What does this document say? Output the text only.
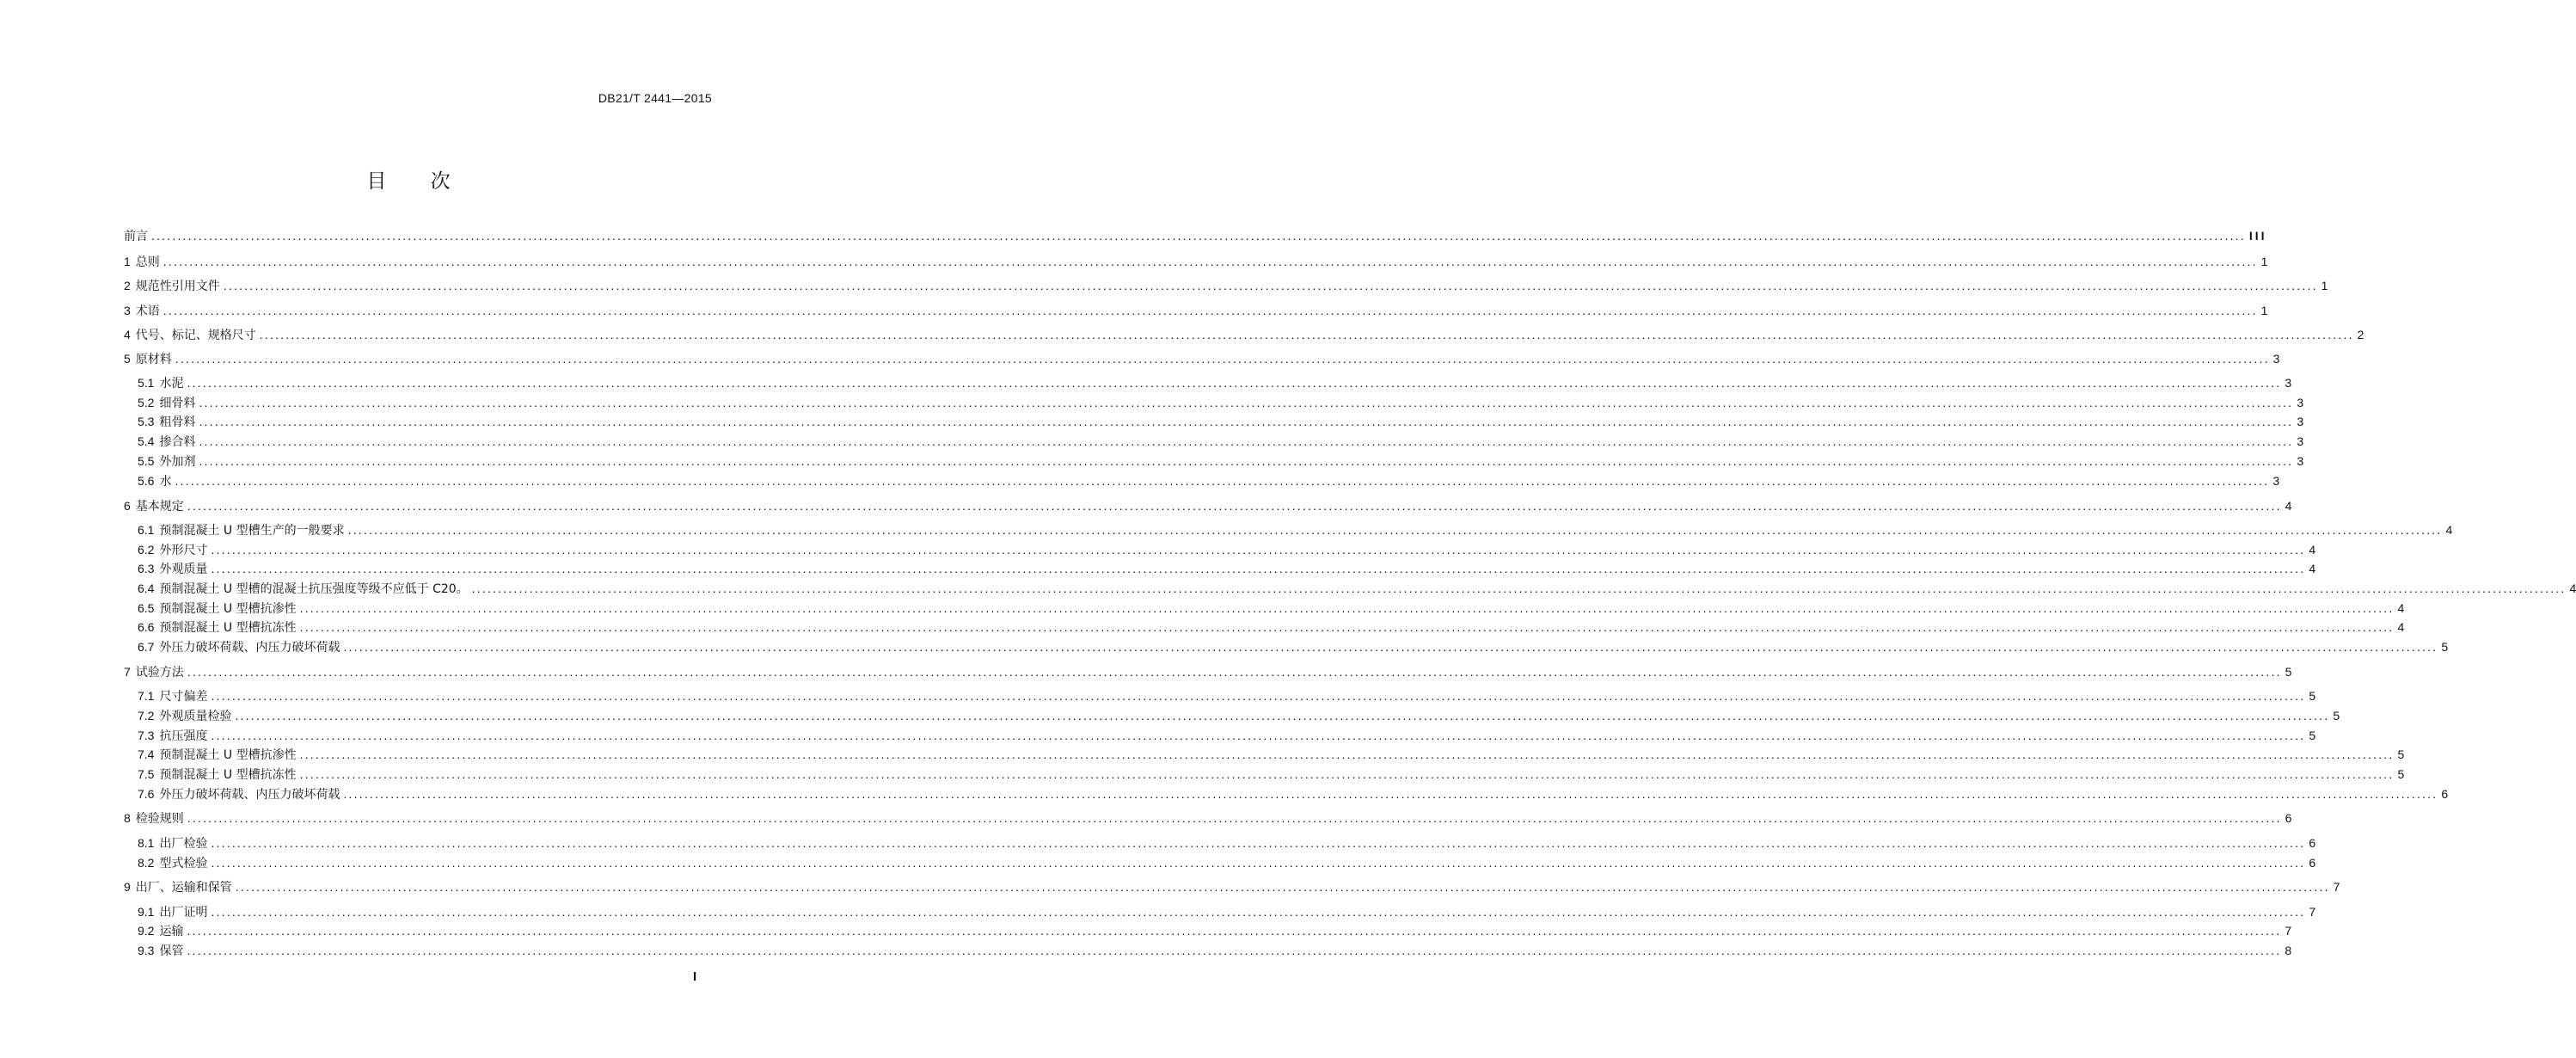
DB21/T 2441—2015
目 次
前言 ................................................................................................................................................................................................................................................................................................................................................................................................................ III
1 总则 ................................................................................................................................................................................................................................................................................................................................................................................................................ 1
2 规范性引用文件 ................................................................................................................................................................................................................................................................................................................................................................................................................ 1
3 术语 ................................................................................................................................................................................................................................................................................................................................................................................................................ 1
4 代号、标记、规格尺寸 ................................................................................................................................................................................................................................................................................................................................................................................................................ 2
5 原材料 ................................................................................................................................................................................................................................................................................................................................................................................................................ 3
5.1 水泥 ................................................................................................................................................................................................................................................................................................................................................................................................................ 3
5.2 细骨料 ................................................................................................................................................................................................................................................................................................................................................................................................................ 3
5.3 粗骨料 ................................................................................................................................................................................................................................................................................................................................................................................................................ 3
5.4 掺合料 ................................................................................................................................................................................................................................................................................................................................................................................................................ 3
5.5 外加剂 ................................................................................................................................................................................................................................................................................................................................................................................................................ 3
5.6 水 ................................................................................................................................................................................................................................................................................................................................................................................................................ 3
6 基本规定 ................................................................................................................................................................................................................................................................................................................................................................................................................ 4
6.1 预制混凝土 U 型槽生产的一般要求 ................................................................................................................................................................................................................................................................................................................................................................................................................ 4
6.2 外形尺寸 ................................................................................................................................................................................................................................................................................................................................................................................................................ 4
6.3 外观质量 ................................................................................................................................................................................................................................................................................................................................................................................................................ 4
6.4 预制混凝土 U 型槽的混凝土抗压强度等级不应低于 C20。 ................................................................................................................................................................................................................................................................................................................................................................................................................ 4
6.5 预制混凝土 U 型槽抗渗性 ................................................................................................................................................................................................................................................................................................................................................................................................................ 4
6.6 预制混凝土 U 型槽抗冻性 ................................................................................................................................................................................................................................................................................................................................................................................................................ 4
6.7 外压力破坏荷载、内压力破坏荷载 ................................................................................................................................................................................................................................................................................................................................................................................................................ 5
7 试验方法 ................................................................................................................................................................................................................................................................................................................................................................................................................ 5
7.1 尺寸偏差 ................................................................................................................................................................................................................................................................................................................................................................................................................ 5
7.2 外观质量检验 ................................................................................................................................................................................................................................................................................................................................................................................................................ 5
7.3 抗压强度 ................................................................................................................................................................................................................................................................................................................................................................................................................ 5
7.4 预制混凝土 U 型槽抗渗性 ................................................................................................................................................................................................................................................................................................................................................................................................................ 5
7.5 预制混凝土 U 型槽抗冻性 ................................................................................................................................................................................................................................................................................................................................................................................................................ 5
7.6 外压力破坏荷载、内压力破坏荷载 ................................................................................................................................................................................................................................................................................................................................................................................................................ 6
8 检验规则 ................................................................................................................................................................................................................................................................................................................................................................................................................ 6
8.1 出厂检验 ................................................................................................................................................................................................................................................................................................................................................................................................................ 6
8.2 型式检验 ................................................................................................................................................................................................................................................................................................................................................................................................................ 6
9 出厂、运输和保管 ................................................................................................................................................................................................................................................................................................................................................................................................................ 7
9.1 出厂证明 ................................................................................................................................................................................................................................................................................................................................................................................................................ 7
9.2 运输 ................................................................................................................................................................................................................................................................................................................................................................................................................ 7
9.3 保管 ................................................................................................................................................................................................................................................................................................................................................................................................................ 8
I
